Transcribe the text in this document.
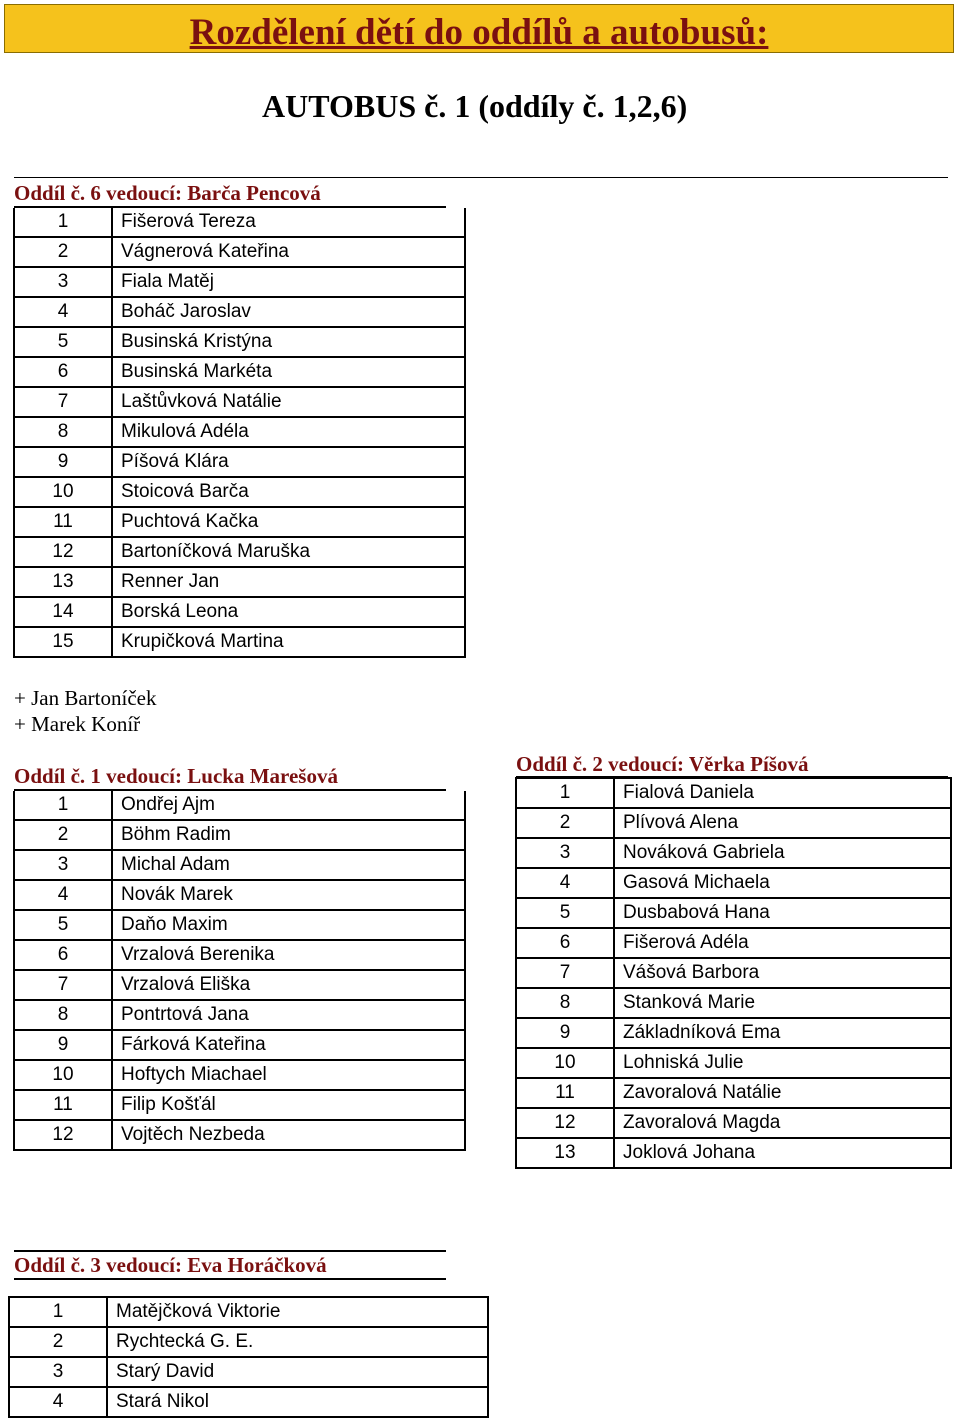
Rozdělení dětí do oddílů a autobusů:
AUTOBUS č. 1 (oddíly č. 1,2,6)
Oddíl č. 6 vedoucí: Barča Pencová
1	Fišerová Tereza
2	Vágnerová Kateřina
3	Fiala Matěj
4	Boháč Jaroslav
5	Businská Kristýna
6	Businská Markéta
7	Laštůvková Natálie
8	Mikulová Adéla
9	Píšová Klára
10	Stoicová Barča
11	Puchtová Kačka
12	Bartoníčková Maruška
13	Renner Jan
14	Borská Leona
15	Krupičková Martina
+ Jan Bartoníček
+ Marek Koníř
Oddíl č. 1 vedoucí: Lucka Marešová
1	Ondřej Ajm
2	Böhm Radim
3	Michal Adam
4	Novák Marek
5	Daňo Maxim
6	Vrzalová Berenika
7	Vrzalová Eliška
8	Pontrtová Jana
9	Fárková Kateřina
10	Hoftych Miachael
11	Filip Košťál
12	Vojtěch Nezbeda
Oddíl č. 2 vedoucí: Věrka Píšová
1	Fialová Daniela
2	Plívová Alena
3	Nováková Gabriela
4	Gasová Michaela
5	Dusbabová Hana
6	Fišerová Adéla
7	Vášová Barbora
8	Stanková Marie
9	Základníková Ema
10	Lohniská Julie
11	Zavoralová Natálie
12	Zavoralová Magda
13	Joklová Johana
Oddíl č. 3 vedoucí: Eva Horáčková
1	Matějčková Viktorie
2	Rychtecká G. E.
3	Starý David
4	Stará Nikol
